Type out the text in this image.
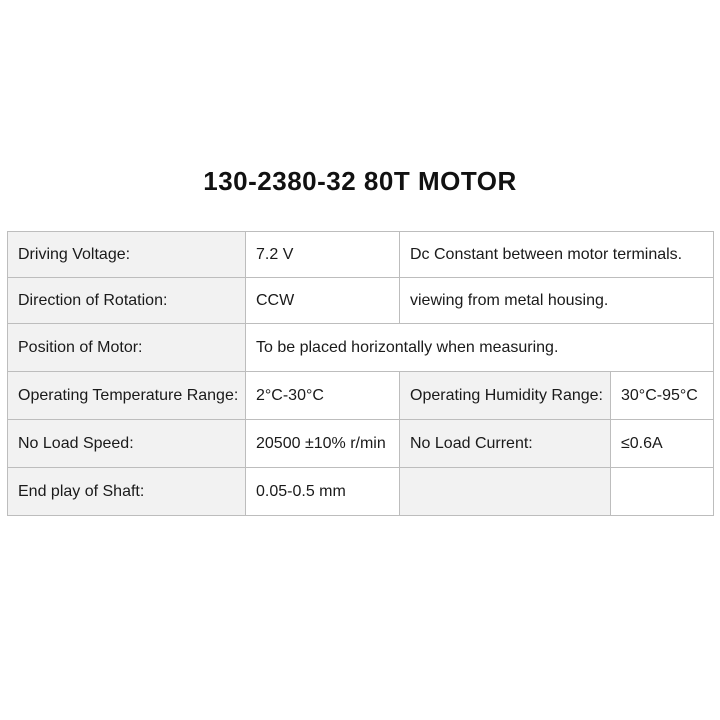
130-2380-32 80T MOTOR
Driving Voltage:	7.2 V	Dc Constant between motor terminals.	
Direction of Rotation:	CCW	viewing from metal housing.	
Position of Motor:	To be placed horizontally when measuring.		
Operating Temperature Range:	2°C-30°C	Operating Humidity Range:	30°C-95°C
No Load Speed:	20500 ±10% r/min	No Load Current:	≤0.6A
End play of Shaft:	0.05-0.5 mm		
